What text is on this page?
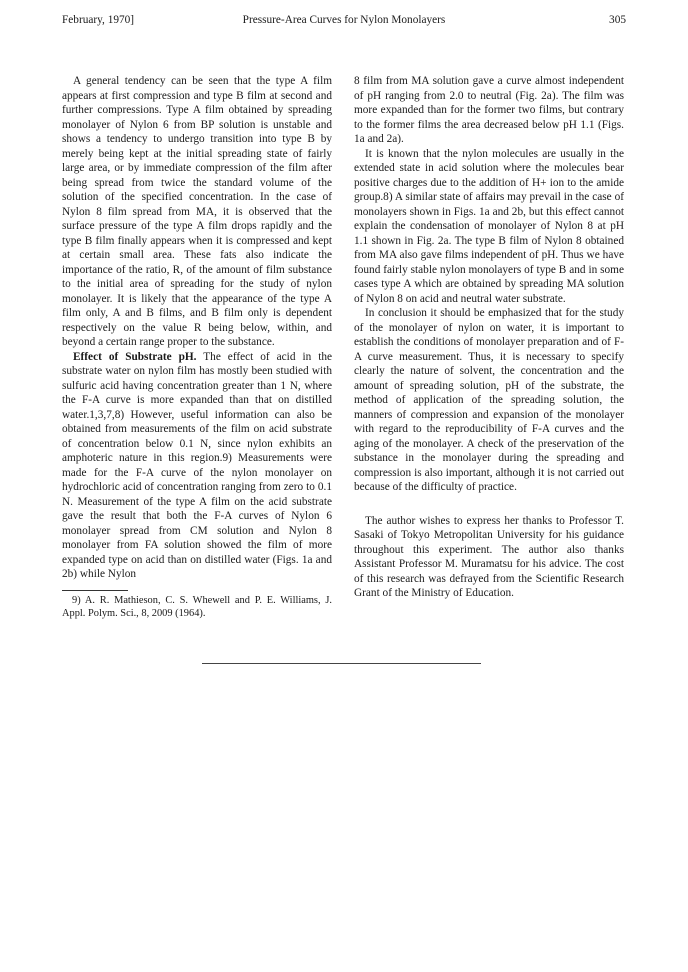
February, 1970]	Pressure-Area Curves for Nylon Monolayers	305

A general tendency can be seen that the type A film appears at first compression and type B film at second and further compressions. Type A film obtained by spreading monolayer of Nylon 6 from BP solution is unstable and shows a tendency to undergo transition into type B by merely being kept at the initial spreading state of fairly large area, or by immediate compression of the film after being spread from twice the standard volume of the solution of the specified concentration. In the case of Nylon 8 film spread from MA, it is observed that the surface pressure of the type A film drops rapidly and the type B film finally appears when it is compressed and kept at certain small area. These fats also indicate the importance of the ratio, R, of the amount of film substance to the initial area of spreading for the study of nylon monolayer. It is likely that the appearance of the type A film only, A and B films, and B film only is dependent respectively on the value R being below, within, and beyond a certain range proper to the substance.

Effect of Substrate pH. The effect of acid in the substrate water on nylon film has mostly been studied with sulfuric acid having concentration greater than 1 N, where the F-A curve is more expanded than that on distilled water.1,3,7,8) However, useful information can also be obtained from measurements of the film on acid substrate of concentration below 0.1 N, since nylon exhibits an amphoteric nature in this region.9) Measurements were made for the F-A curve of the nylon monolayer on hydrochloric acid of concentration ranging from zero to 0.1 N. Measurement of the type A film on the acid substrate gave the result that both the F-A curves of Nylon 6 monolayer spread from CM solution and Nylon 8 monolayer from FA solution showed the film of more expanded type on acid than on distilled water (Figs. 1a and 2b) while Nylon

9) A. R. Mathieson, C. S. Whewell and P. E. Williams, J. Appl. Polym. Sci., 8, 2009 (1964).

8 film from MA solution gave a curve almost independent of pH ranging from 2.0 to neutral (Fig. 2a). The film was more expanded than for the former two films, but contrary to the former films the area decreased below pH 1.1 (Figs. 1a and 2a).

It is known that the nylon molecules are usually in the extended state in acid solution where the molecules bear positive charges due to the addition of H+ ion to the amide group.8) A similar state of affairs may prevail in the case of monolayers shown in Figs. 1a and 2b, but this effect cannot explain the condensation of monolayer of Nylon 8 at pH 1.1 shown in Fig. 2a. The type B film of Nylon 8 obtained from MA also gave films independent of pH. Thus we have found fairly stable nylon monolayers of type B and in some cases type A which are obtained by spreading MA solution of Nylon 8 on acid and neutral water substrate.

In conclusion it should be emphasized that for the study of the monolayer of nylon on water, it is important to establish the conditions of monolayer preparation and of F-A curve measurement. Thus, it is necessary to specify clearly the nature of solvent, the concentration and the amount of spreading solution, pH of the substrate, the method of application of the spreading solution, the manners of compression and expansion of the monolayer with regard to the reproducibility of F-A curves and the aging of the monolayer. A check of the preservation of the substance in the monolayer during the spreading and compression is also important, although it is not carried out because of the difficulty of practice.

The author wishes to express her thanks to Professor T. Sasaki of Tokyo Metropolitan University for his guidance throughout this experiment. The author also thanks Assistant Professor M. Muramatsu for his advice. The cost of this research was defrayed from the Scientific Research Grant of the Ministry of Education.
